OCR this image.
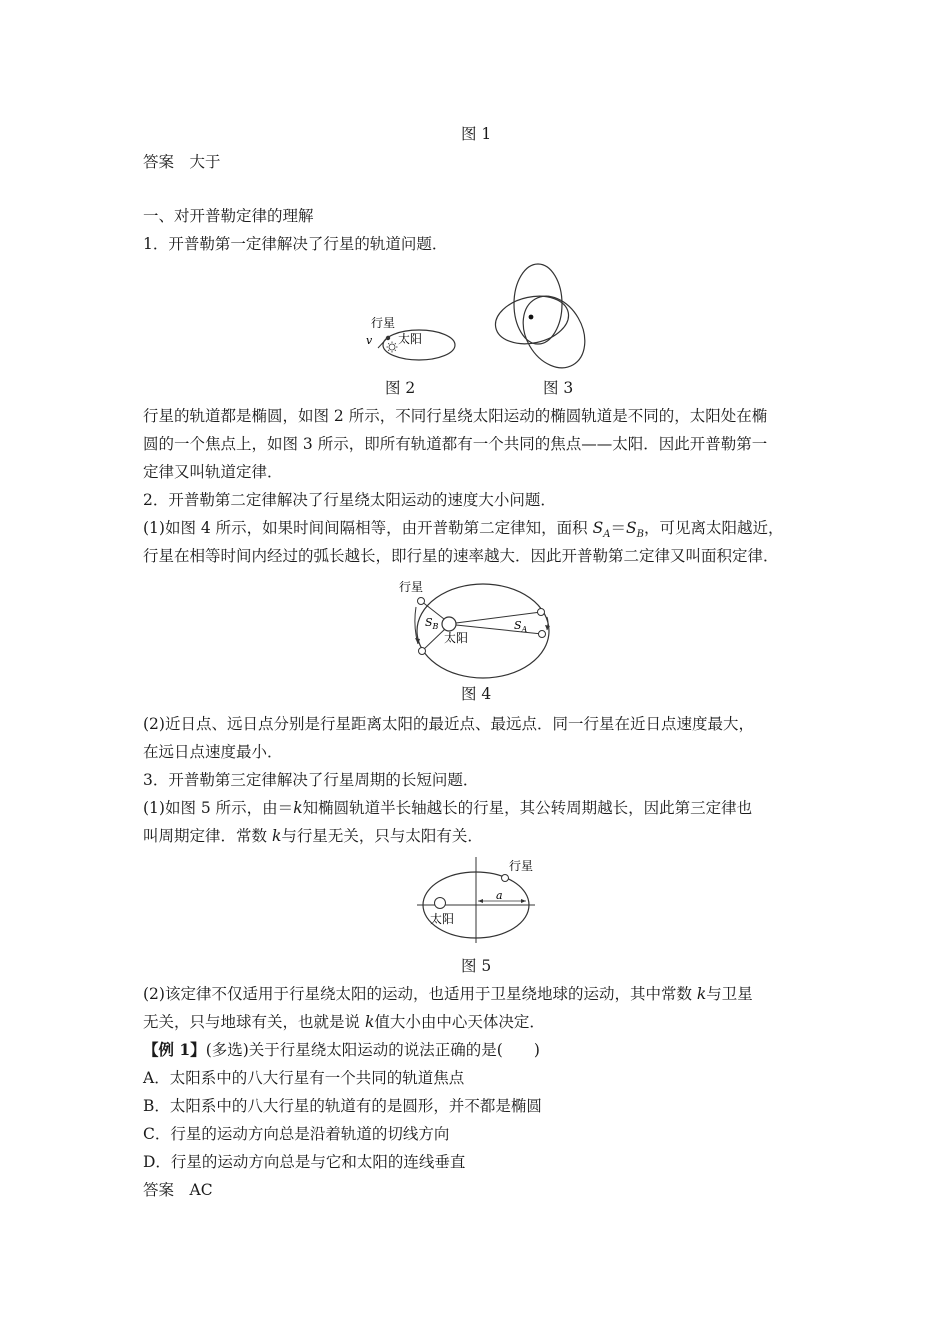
图 1
答案　大于
一、对开普勒定律的理解
1．开普勒第一定律解决了行星的轨道问题．
行星
v 太阳
图 2	图 3
行星的轨道都是椭圆，如图 2 所示，不同行星绕太阳运动的椭圆轨道是不同的，太阳处在椭
圆的一个焦点上，如图 3 所示，即所有轨道都有一个共同的焦点——太阳．因此开普勒第一
定律又叫轨道定律．
2．开普勒第二定律解决了行星绕太阳运动的速度大小问题．
(1)如图 4 所示，如果时间间隔相等，由开普勒第二定律知，面积 $S_A=S_B$，可见离太阳越近，
行星在相等时间内经过的弧长越长，即行星的速率越大．因此开普勒第二定律又叫面积定律．
行星
$S_B$
太阳
$S_A$
图 4
(2)近日点、远日点分别是行星距离太阳的最近点、最远点．同一行星在近日点速度最大，
在远日点速度最小．
3．开普勒第三定律解决了行星周期的长短问题．
(1)如图 5 所示，由＝k知椭圆轨道半长轴越长的行星，其公转周期越长，因此第三定律也
叫周期定律．常数 k与行星无关，只与太阳有关．
行星
太阳
a
图 5
(2)该定律不仅适用于行星绕太阳的运动，也适用于卫星绕地球的运动，其中常数 k与卫星
无关，只与地球有关，也就是说 k值大小由中心天体决定．
【例 1】(多选)关于行星绕太阳运动的说法正确的是(　　)
A．太阳系中的八大行星有一个共同的轨道焦点
B．太阳系中的八大行星的轨道有的是圆形，并不都是椭圆
C．行星的运动方向总是沿着轨道的切线方向
D．行星的运动方向总是与它和太阳的连线垂直
答案　AC
